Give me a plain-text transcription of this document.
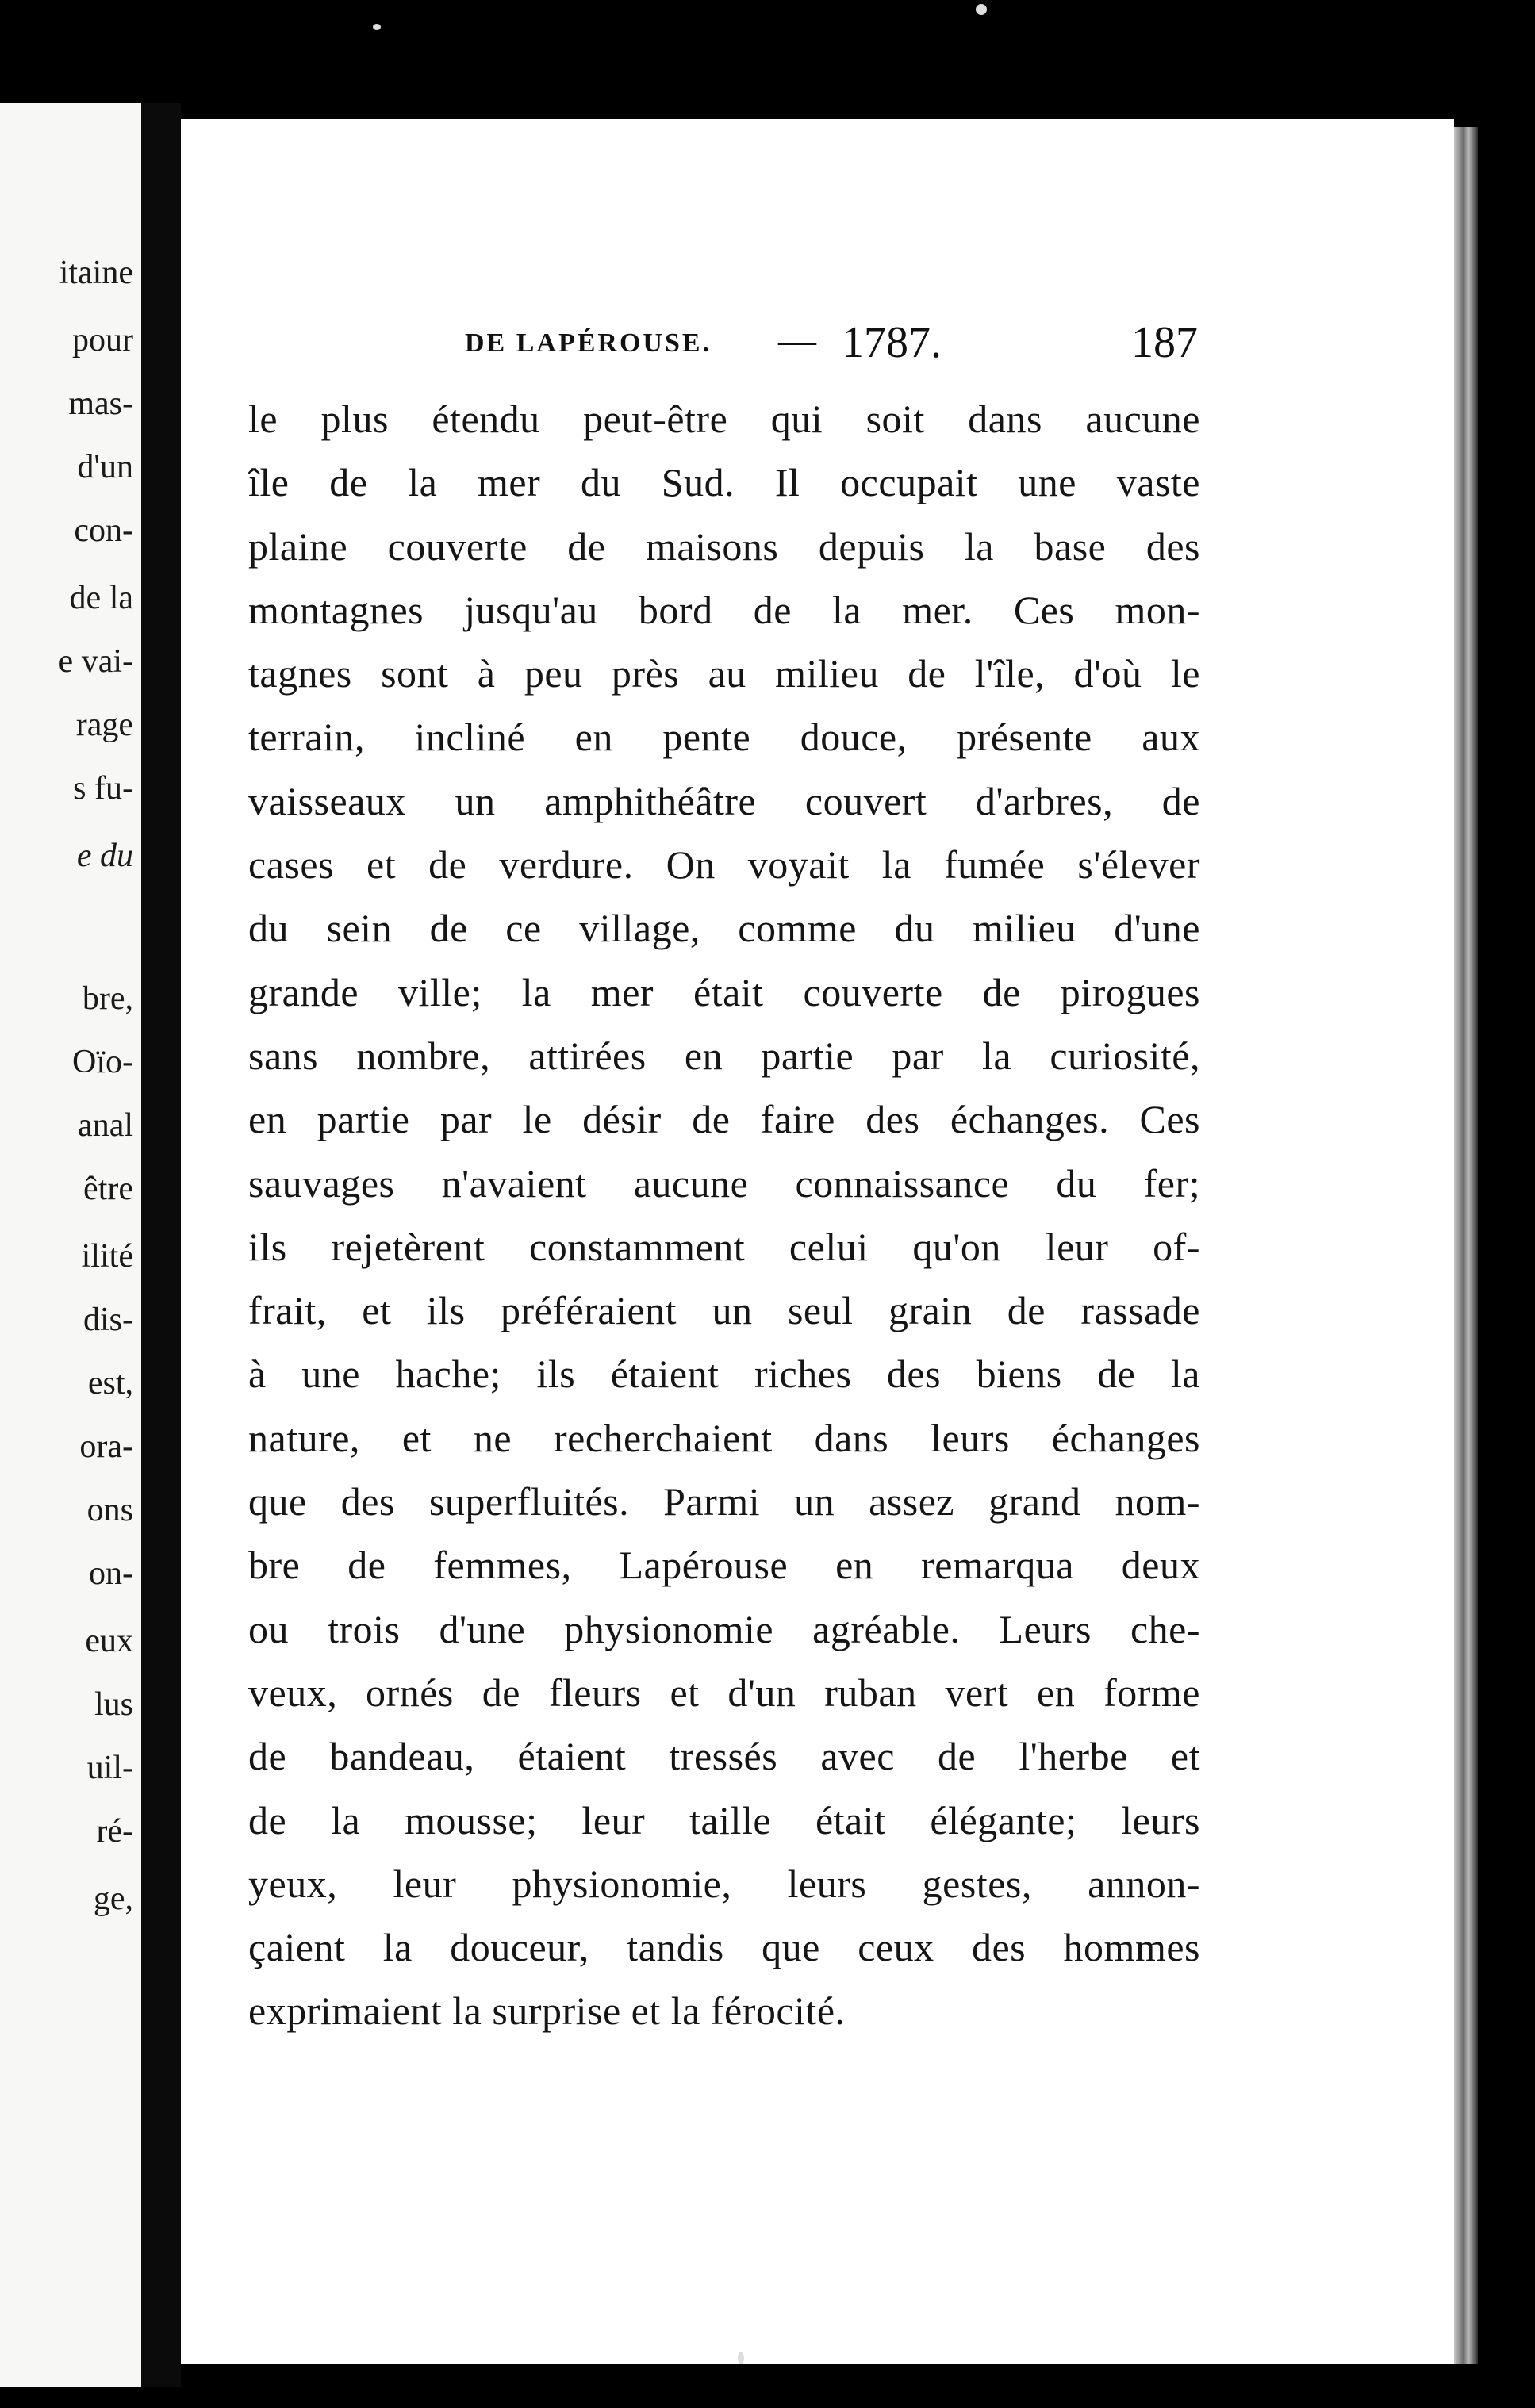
itaine
pour
mas-
d'un
con-
de la
e vai-
rage
s fu-
e du
bre,
Oïo-
anal
être
ilité
dis-
est,
ora-
ons
on-
eux
lus
uil-
ré-
ge,
DE LAPÉROUSE. — 1787.	187
le plus étendu peut-être qui soit dans aucune
île de la mer du Sud. Il occupait une vaste
plaine couverte de maisons depuis la base des
montagnes jusqu'au bord de la mer. Ces mon-
tagnes sont à peu près au milieu de l'île, d'où le
terrain, incliné en pente douce, présente aux
vaisseaux un amphithéâtre couvert d'arbres, de
cases et de verdure. On voyait la fumée s'élever
du sein de ce village, comme du milieu d'une
grande ville; la mer était couverte de pirogues
sans nombre, attirées en partie par la curiosité,
en partie par le désir de faire des échanges. Ces
sauvages n'avaient aucune connaissance du fer;
ils rejetèrent constamment celui qu'on leur of-
frait, et ils préféraient un seul grain de rassade
à une hache; ils étaient riches des biens de la
nature, et ne recherchaient dans leurs échanges
que des superfluités. Parmi un assez grand nom-
bre de femmes, Lapérouse en remarqua deux
ou trois d'une physionomie agréable. Leurs che-
veux, ornés de fleurs et d'un ruban vert en forme
de bandeau, étaient tressés avec de l'herbe et
de la mousse; leur taille était élégante; leurs
yeux, leur physionomie, leurs gestes, annon-
çaient la douceur, tandis que ceux des hommes
exprimaient la surprise et la férocité.
